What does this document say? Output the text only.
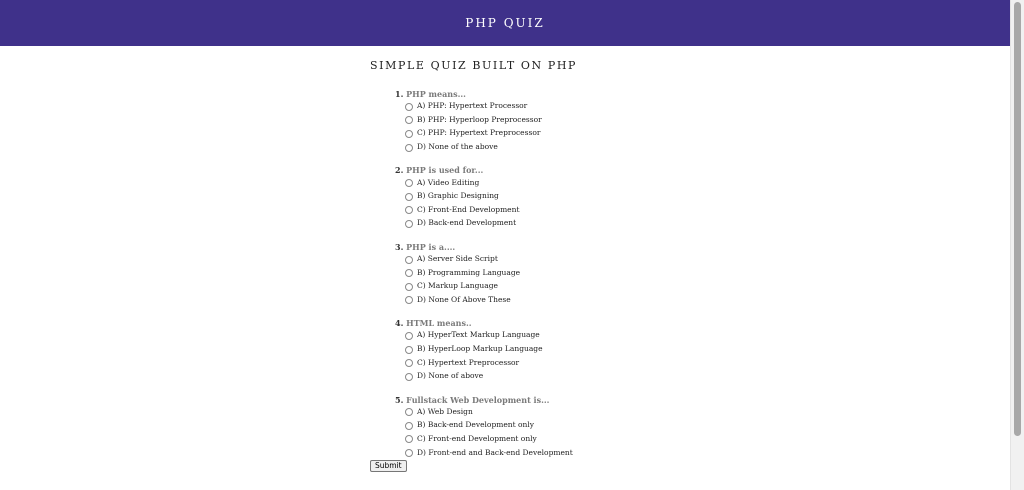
PHP QUIZ
SIMPLE QUIZ BUILT ON PHP
1. PHP means...
A) PHP: Hypertext Processor
B) PHP: Hyperloop Preprocessor
C) PHP: Hypertext Preprocessor
D) None of the above
2. PHP is used for...
A) Video Editing
B) Graphic Designing
C) Front-End Development
D) Back-end Development
3. PHP is a....
A) Server Side Script
B) Programming Language
C) Markup Language
D) None Of Above These
4. HTML means..
A) HyperText Markup Language
B) HyperLoop Markup Language
C) Hypertext Preprocessor
D) None of above
5. Fullstack Web Development is...
A) Web Design
B) Back-end Development only
C) Front-end Development only
D) Front-end and Back-end Development
Submit
